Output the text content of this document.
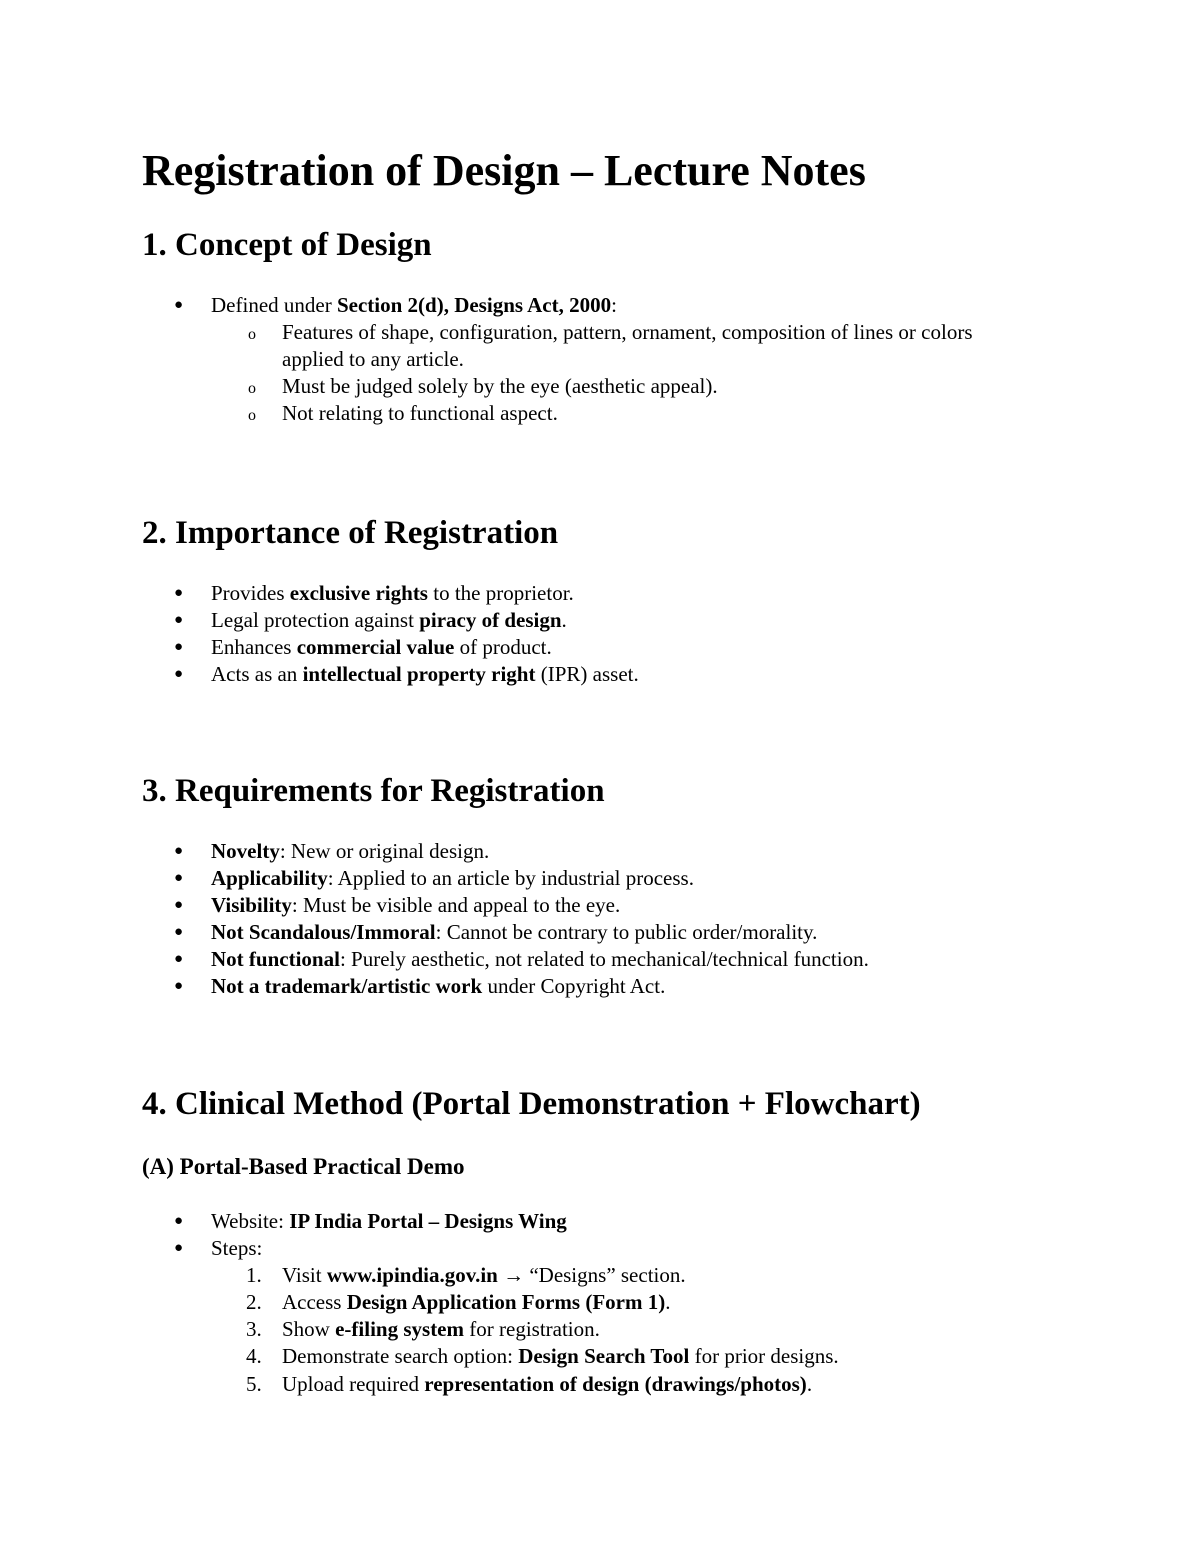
Registration of Design – Lecture Notes
1. Concept of Design
● Defined under Section 2(d), Designs Act, 2000:
o Features of shape, configuration, pattern, ornament, composition of lines or colors
applied to any article.
o Must be judged solely by the eye (aesthetic appeal).
o Not relating to functional aspect.
2. Importance of Registration
● Provides exclusive rights to the proprietor.
● Legal protection against piracy of design.
● Enhances commercial value of product.
● Acts as an intellectual property right (IPR) asset.
3. Requirements for Registration
● Novelty: New or original design.
● Applicability: Applied to an article by industrial process.
● Visibility: Must be visible and appeal to the eye.
● Not Scandalous/Immoral: Cannot be contrary to public order/morality.
● Not functional: Purely aesthetic, not related to mechanical/technical function.
● Not a trademark/artistic work under Copyright Act.
4. Clinical Method (Portal Demonstration + Flowchart)
(A) Portal-Based Practical Demo
● Website: IP India Portal – Designs Wing
● Steps:
1. Visit www.ipindia.gov.in → “Designs” section.
2. Access Design Application Forms (Form 1).
3. Show e-filing system for registration.
4. Demonstrate search option: Design Search Tool for prior designs.
5. Upload required representation of design (drawings/photos).
